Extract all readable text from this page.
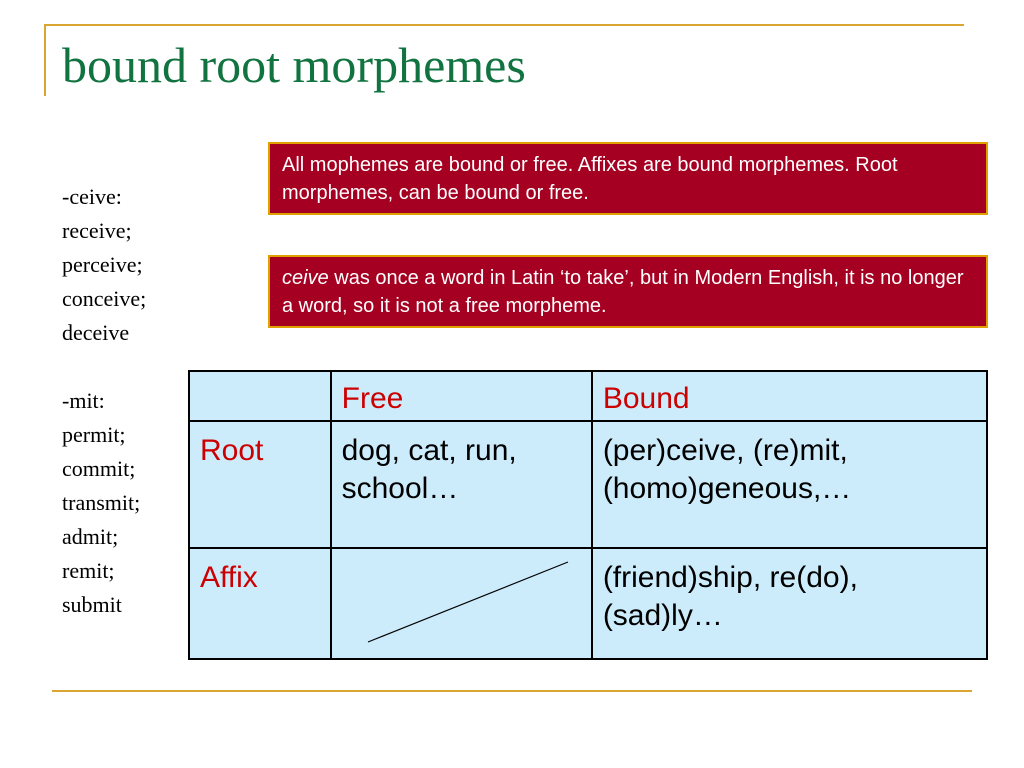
bound root morphemes
-ceive:
receive;
perceive;
conceive;
deceive
-mit:
permit;
commit;
transmit;
admit;
remit;
submit
All mophemes are bound or free. Affixes are bound morphemes. Root morphemes, can be bound or free.
ceive was once a word in Latin ‘to take’, but in Modern English, it is no longer a word, so it is not a free morpheme.
	Free	Bound
Root	dog, cat, run, school…	(per)ceive, (re)mit, (homo)geneous,…
Affix		(friend)ship, re(do), (sad)ly…
